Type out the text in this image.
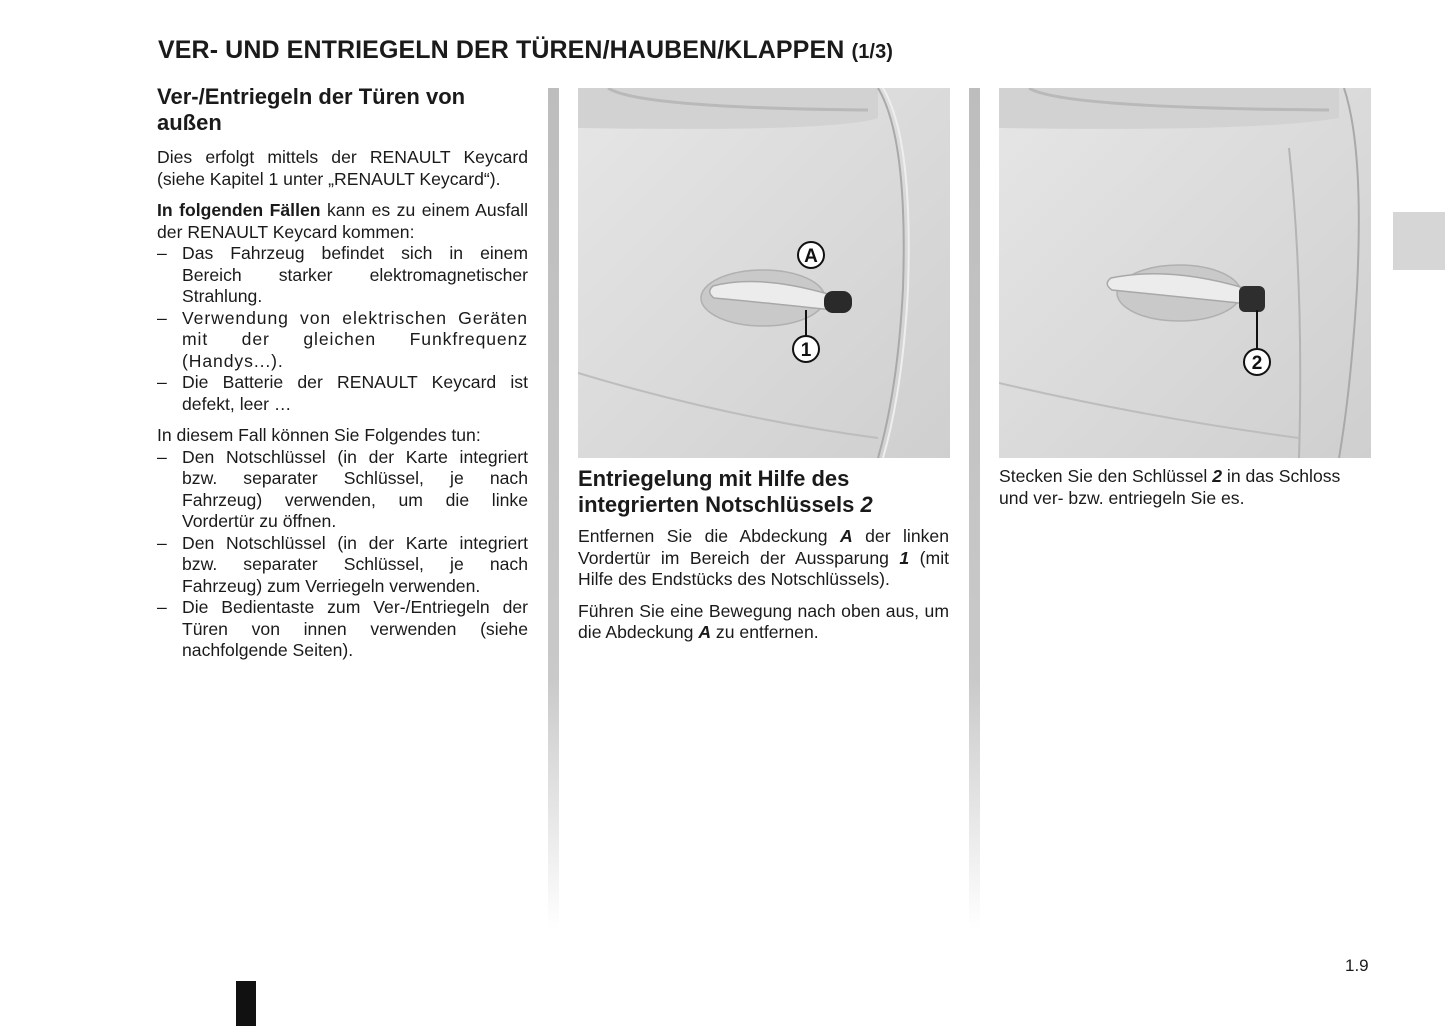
VER- UND ENTRIEGELN DER TÜREN/HAUBEN/KLAPPEN (1/3)
Ver-/Entriegeln der Türen von außen

Dies erfolgt mittels der RENAULT Keycard (siehe Kapitel 1 unter „RENAULT Keycard“).

In folgenden Fällen kann es zu einem Ausfall der RENAULT Keycard kommen:

– Das Fahrzeug befindet sich in einem Bereich starker elektromagnetischer Strahlung.
– Verwendung von elektrischen Geräten mit der gleichen Funkfrequenz (Handys...).
– Die Batterie der RENAULT Keycard ist defekt, leer …

In diesem Fall können Sie Folgendes tun:

– Den Notschlüssel (in der Karte integriert bzw. separater Schlüssel, je nach Fahrzeug) verwenden, um die linke Vordertür zu öffnen.
– Den Notschlüssel (in der Karte integriert bzw. separater Schlüssel, je nach Fahrzeug) zum Verriegeln verwenden.
– Die Bedientaste zum Ver-/Entriegeln der Türen von innen verwenden (siehe nachfolgende Seiten).
A
1
2
Entriegelung mit Hilfe des integrierten Notschlüssels 2

Entfernen Sie die Abdeckung A der linken Vordertür im Bereich der Aussparung 1 (mit Hilfe des Endstücks des Notschlüssels).

Führen Sie eine Bewegung nach oben aus, um die Abdeckung A zu entfernen.

Stecken Sie den Schlüssel 2 in das Schloss und ver- bzw. entriegeln Sie es.

1.9
